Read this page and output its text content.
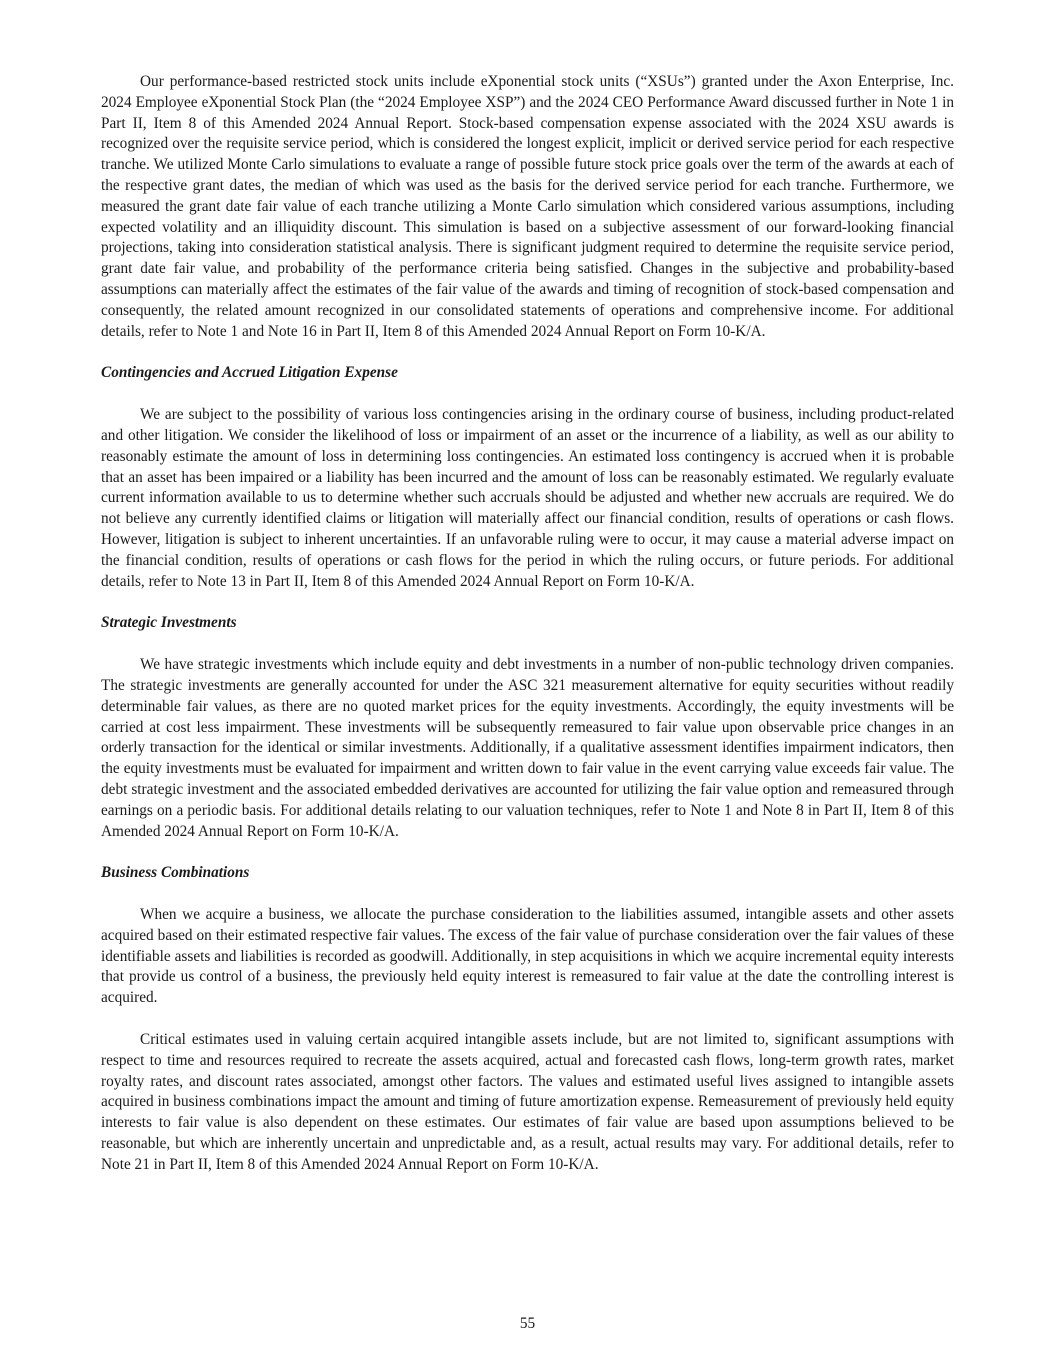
Our performance-based restricted stock units include eXponential stock units (“XSUs”) granted under the Axon Enterprise, Inc. 2024 Employee eXponential Stock Plan (the “2024 Employee XSP”) and the 2024 CEO Performance Award discussed further in Note 1 in Part II, Item 8 of this Amended 2024 Annual Report. Stock-based compensation expense associated with the 2024 XSU awards is recognized over the requisite service period, which is considered the longest explicit, implicit or derived service period for each respective tranche. We utilized Monte Carlo simulations to evaluate a range of possible future stock price goals over the term of the awards at each of the respective grant dates, the median of which was used as the basis for the derived service period for each tranche. Furthermore, we measured the grant date fair value of each tranche utilizing a Monte Carlo simulation which considered various assumptions, including expected volatility and an illiquidity discount. This simulation is based on a subjective assessment of our forward-looking financial projections, taking into consideration statistical analysis. There is significant judgment required to determine the requisite service period, grant date fair value, and probability of the performance criteria being satisfied. Changes in the subjective and probability-based assumptions can materially affect the estimates of the fair value of the awards and timing of recognition of stock-based compensation and consequently, the related amount recognized in our consolidated statements of operations and comprehensive income. For additional details, refer to Note 1 and Note 16 in Part II, Item 8 of this Amended 2024 Annual Report on Form 10-K/A.

Contingencies and Accrued Litigation Expense

We are subject to the possibility of various loss contingencies arising in the ordinary course of business, including product-related and other litigation. We consider the likelihood of loss or impairment of an asset or the incurrence of a liability, as well as our ability to reasonably estimate the amount of loss in determining loss contingencies. An estimated loss contingency is accrued when it is probable that an asset has been impaired or a liability has been incurred and the amount of loss can be reasonably estimated. We regularly evaluate current information available to us to determine whether such accruals should be adjusted and whether new accruals are required. We do not believe any currently identified claims or litigation will materially affect our financial condition, results of operations or cash flows. However, litigation is subject to inherent uncertainties. If an unfavorable ruling were to occur, it may cause a material adverse impact on the financial condition, results of operations or cash flows for the period in which the ruling occurs, or future periods. For additional details, refer to Note 13 in Part II, Item 8 of this Amended 2024 Annual Report on Form 10-K/A.

Strategic Investments

We have strategic investments which include equity and debt investments in a number of non-public technology driven companies. The strategic investments are generally accounted for under the ASC 321 measurement alternative for equity securities without readily determinable fair values, as there are no quoted market prices for the equity investments. Accordingly, the equity investments will be carried at cost less impairment. These investments will be subsequently remeasured to fair value upon observable price changes in an orderly transaction for the identical or similar investments. Additionally, if a qualitative assessment identifies impairment indicators, then the equity investments must be evaluated for impairment and written down to fair value in the event carrying value exceeds fair value. The debt strategic investment and the associated embedded derivatives are accounted for utilizing the fair value option and remeasured through earnings on a periodic basis. For additional details relating to our valuation techniques, refer to Note 1 and Note 8 in Part II, Item 8 of this Amended 2024 Annual Report on Form 10-K/A.

Business Combinations

When we acquire a business, we allocate the purchase consideration to the liabilities assumed, intangible assets and other assets acquired based on their estimated respective fair values. The excess of the fair value of purchase consideration over the fair values of these identifiable assets and liabilities is recorded as goodwill. Additionally, in step acquisitions in which we acquire incremental equity interests that provide us control of a business, the previously held equity interest is remeasured to fair value at the date the controlling interest is acquired.

Critical estimates used in valuing certain acquired intangible assets include, but are not limited to, significant assumptions with respect to time and resources required to recreate the assets acquired, actual and forecasted cash flows, long-term growth rates, market royalty rates, and discount rates associated, amongst other factors. The values and estimated useful lives assigned to intangible assets acquired in business combinations impact the amount and timing of future amortization expense. Remeasurement of previously held equity interests to fair value is also dependent on these estimates. Our estimates of fair value are based upon assumptions believed to be reasonable, but which are inherently uncertain and unpredictable and, as a result, actual results may vary. For additional details, refer to Note 21 in Part II, Item 8 of this Amended 2024 Annual Report on Form 10-K/A.

55
